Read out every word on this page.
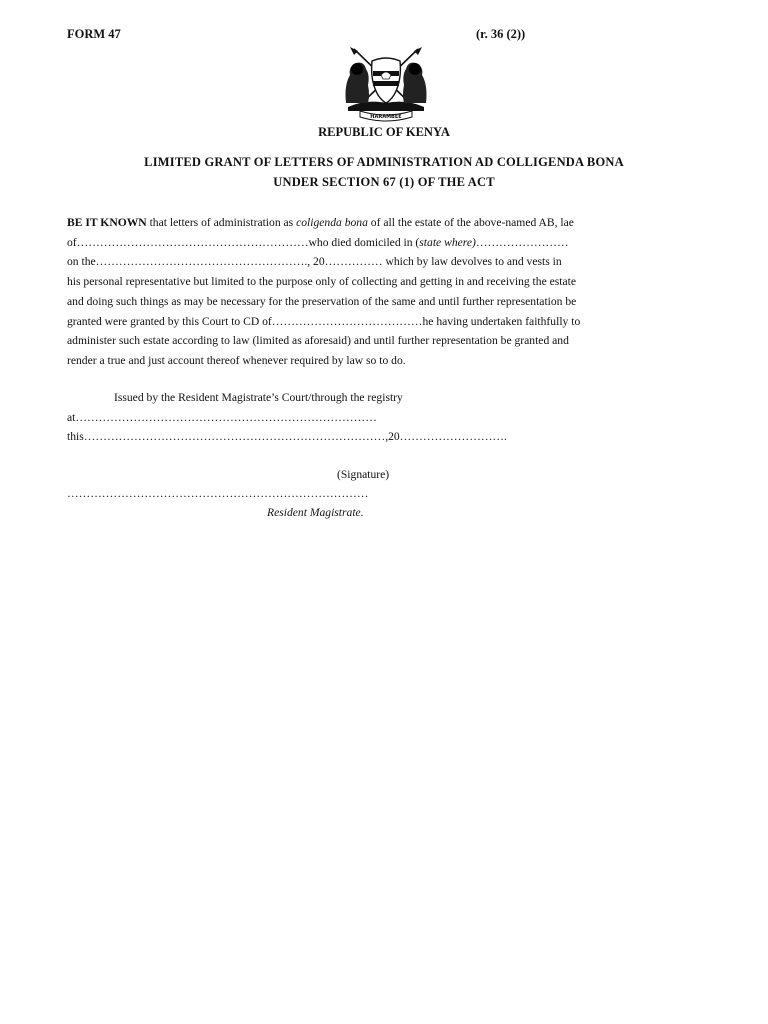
FORM 47	(r. 36 (2))
HARAMBEE
REPUBLIC OF KENYA
LIMITED GRANT OF LETTERS OF ADMINISTRATION AD COLLIGENDA BONA
UNDER SECTION 67 (1) OF THE ACT
BE IT KNOWN that letters of administration as coligenda bona of all the estate of the above-named AB, lae
of……………………………………………………who died domiciled in (state where)……………………
on the………………………………………………., 20…………… which by law devolves to and vests in
his personal representative but limited to the purpose only of collecting and getting in and receiving the estate
and doing such things as may be necessary for the preservation of the same and until further representation be
granted were granted by this Court to CD of…………………………………he having undertaken faithfully to
administer such estate according to law (limited as aforesaid) and until further representation be granted and
render a true and just account thereof whenever required by law so to do.
Issued by the Resident Magistrate’s Court/through the registry
at……………………………………………………………………
this……………………………………………………………………,20……………………….
(Signature)
……………………………………………………………………
Resident Magistrate.
